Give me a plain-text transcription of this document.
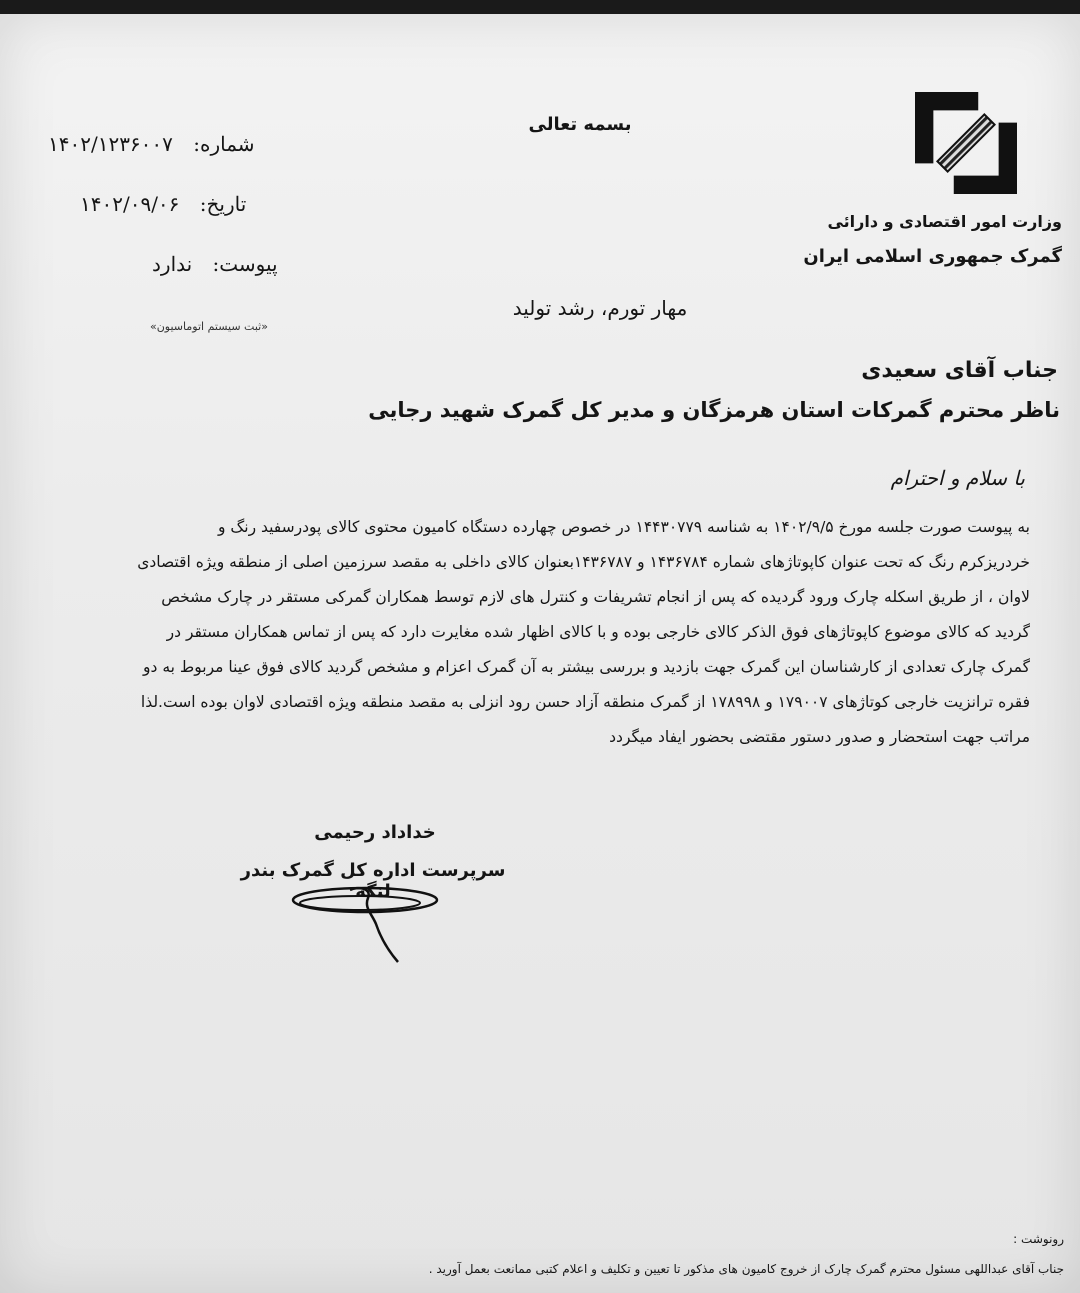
وزارت امور اقتصادی و دارائی
گمرک جمهوری اسلامی ایران
بسمه تعالی
شماره: ۱۴۰۲/۱۲۳۶۰۰۷
تاریخ: ۱۴۰۲/۰۹/۰۶
پیوست: ندارد
«ثبت سیستم اتوماسیون»
مهار تورم، رشد تولید
جناب آقای سعیدی
ناظر محترم گمرکات استان هرمزگان و مدیر کل گمرک شهید رجایی
با سلام و احترام
به پیوست صورت جلسه مورخ ۱۴۰۲/۹/۵ به شناسه ۱۴۴۳۰۷۷۹ در خصوص چهارده دستگاه کامیون محتوی کالای پودرسفید رنگ و
خردریزکرم رنگ که تحت عنوان کاپوتاژهای شماره ۱۴۳۶۷۸۴ و ۱۴۳۶۷۸۷بعنوان کالای داخلی به مقصد سرزمین اصلی از منطقه ویژه اقتصادی
لاوان ، از طریق اسکله چارک ورود گردیده که پس از انجام تشریفات و کنترل های لازم توسط همکاران گمرکی مستقر در چارک مشخص
گردید که کالای موضوع کاپوتاژهای فوق الذکر کالای خارجی بوده و با کالای اظهار شده مغایرت دارد که پس از تماس همکاران مستقر در
گمرک چارک تعدادی از کارشناسان این گمرک جهت بازدید و بررسی بیشتر به آن گمرک اعزام و مشخص گردید کالای فوق عینا مربوط به دو
فقره ترانزیت خارجی کوتاژهای ۱۷۹۰۰۷ و ۱۷۸۹۹۸ از گمرک منطقه آزاد حسن رود انزلی به مقصد منطقه ویژه اقتصادی لاوان بوده است.لذا
مراتب جهت استحضار و صدور دستور مقتضی بحضور ایفاد میگردد
خداداد رحیمی
سرپرست اداره کل گمرک بندر لنگه
رونوشت :
جناب آقای عبداللهی مسئول محترم گمرک چارک از خروج کامیون های مذکور تا تعیین و تکلیف و اعلام کتبی ممانعت بعمل آورید .
